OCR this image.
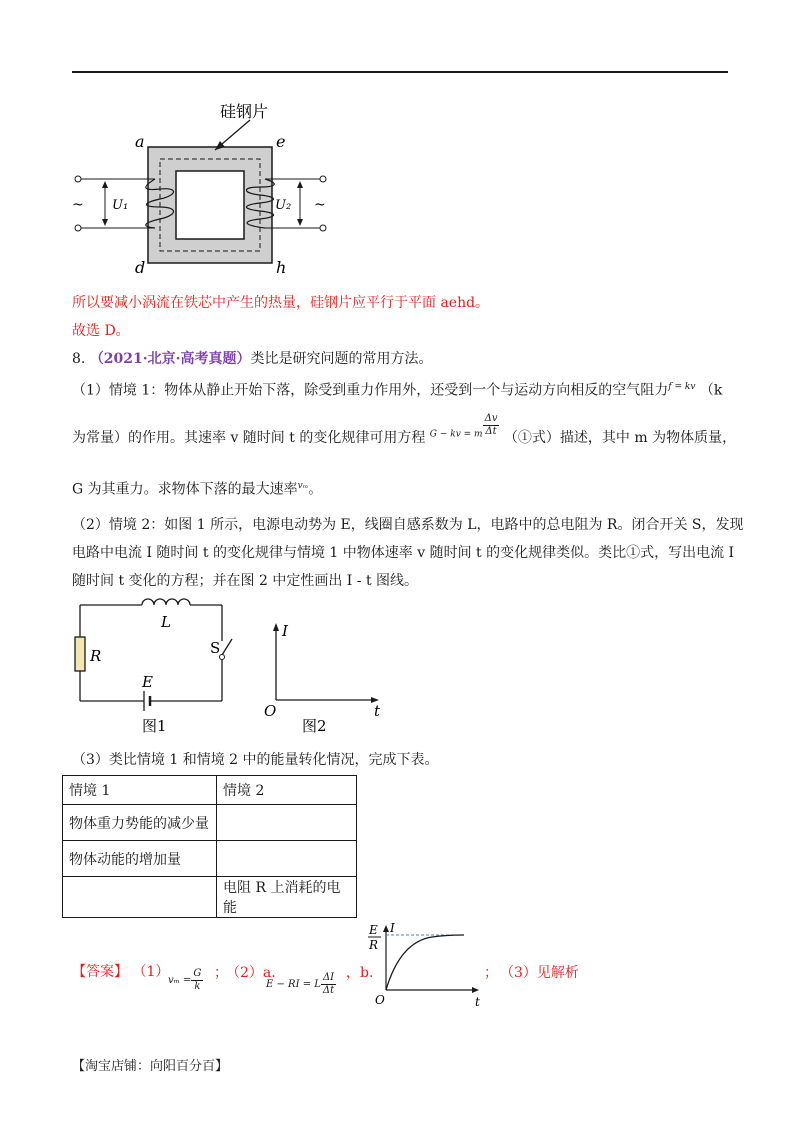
硅钢片
a	e
d	h
~ U₁	U₂ ~
所以要减小涡流在铁芯中产生的热量，硅钢片应平行于平面 aehd。
故选 D。
8. （2021·北京·高考真题）类比是研究问题的常用方法。
（1）情境 1：物体从静止开始下落，除受到重力作用外，还受到一个与运动方向相反的空气阻力$^{f = kv}$ （k
为常量）的作用。其速率 v 随时间 t 的变化规律可用方程 $^{G - kv = m} \frac{\Delta v}{\Delta t}$ （①式）描述，其中 m 为物体质量，
G 为其重力。求物体下落的最大速率$^{v_m}$。
（2）情境 2：如图 1 所示，电源电动势为 E，线圈自感系数为 L，电路中的总电阻为 R。闭合开关 S，发现
电路中电流 I 随时间 t 的变化规律与情境 1 中物体速率 v 随时间 t 的变化规律类似。类比①式，写出电流 I
随时间 t 变化的方程；并在图 2 中定性画出 I - t 图线。
L
R	S
E
图1
I
t
O
图2
（3）类比情境 1 和情境 2 中的能量转化情况，完成下表。
情境 1	情境 2
物体重力势能的减少量	
物体动能的增加量	
	电阻 R 上消耗的电能
【答案】 （1）
$v_m = \frac{G}{k}$ ；
（2）a.
E − RI = L $\frac{\Delta I}{\Delta t}$ ，b.
I
E
R
t
O
； （3）见解析
【淘宝店铺：向阳百分百】
